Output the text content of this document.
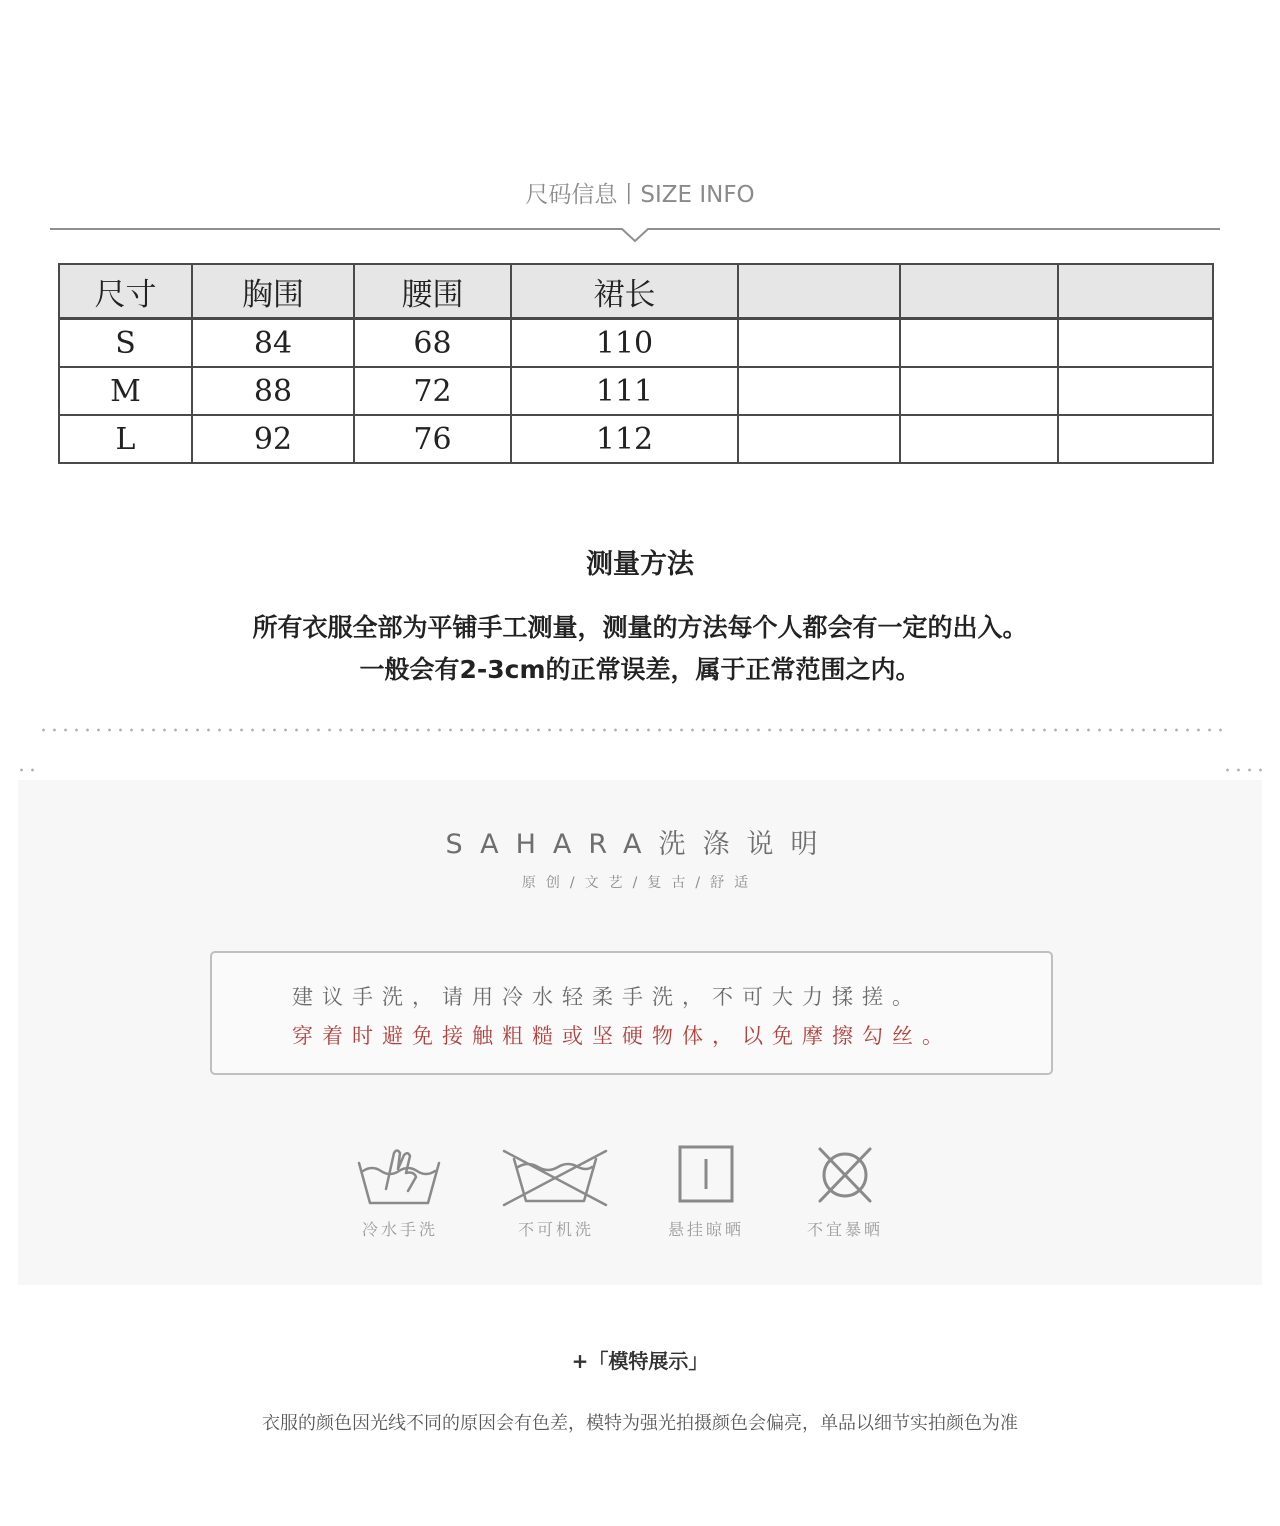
尺码信息丨SIZE INFO
尺寸	胸围	腰围	裙长			
S	84	68	110			
M	88	72	111			
L	92	76	112			
测量方法
所有衣服全部为平铺手工测量，测量的方法每个人都会有一定的出入。
一般会有2-3cm的正常误差，属于正常范围之内。
SAHARA洗涤说明
原创/文艺/复古/舒适
建议手洗，请用冷水轻柔手洗，不可大力揉搓。
穿着时避免接触粗糙或坚硬物体，以免摩擦勾丝。
冷水手洗	不可机洗	悬挂晾晒	不宜暴晒
+「模特展示」
衣服的颜色因光线不同的原因会有色差，模特为强光拍摄颜色会偏亮，单品以细节实拍颜色为准
